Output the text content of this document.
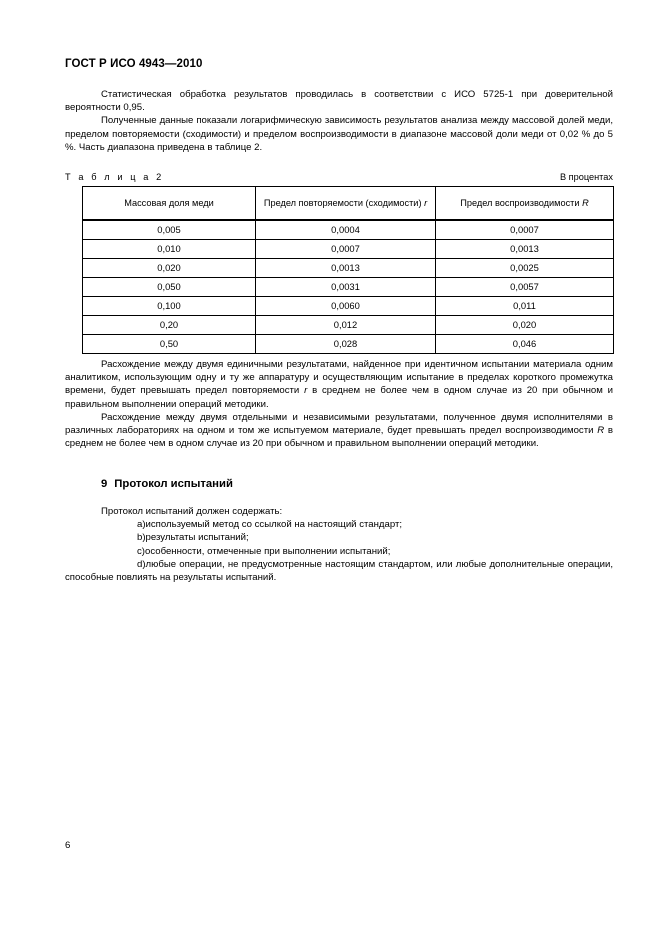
ГОСТ Р ИСО 4943—2010

Статистическая обработка результатов проводилась в соответствии с ИСО 5725-1 при доверительной вероятности 0,95.

Полученные данные показали логарифмическую зависимость результатов анализа между массовой долей меди, пределом повторяемости (сходимости) и пределом воспроизводимости в диапазоне массовой доли меди от 0,02 % до 5 %. Часть диапазона приведена в таблице 2.

Т а б л и ц а 2	В процентах
Массовая доля меди	Предел повторяемости (сходимости) r	Предел воспроизводимости R
0,005	0,0004	0,0007
0,010	0,0007	0,0013
0,020	0,0013	0,0025
0,050	0,0031	0,0057
0,100	0,0060	0,011
0,20	0,012	0,020
0,50	0,028	0,046

Расхождение между двумя единичными результатами, найденное при идентичном испытании материала одним аналитиком, использующим одну и ту же аппаратуру и осуществляющим испытание в пределах короткого промежутка времени, будет превышать предел повторяемости r в среднем не более чем в одном случае из 20 при обычном и правильном выполнении операций методики.

Расхождение между двумя отдельными и независимыми результатами, полученное двумя исполнителями в различных лабораториях на одном и том же испытуемом материале, будет превышать предел воспроизводимости R в среднем не более чем в одном случае из 20 при обычном и правильном выполнении операций методики.

9 Протокол испытаний

Протокол испытаний должен содержать:

a)используемый метод со ссылкой на настоящий стандарт;
b)результаты испытаний;
c)особенности, отмеченные при выполнении испытаний;
d)любые операции, не предусмотренные настоящим стандартом, или любые дополнительные операции, способные повлиять на результаты испытаний.
6
